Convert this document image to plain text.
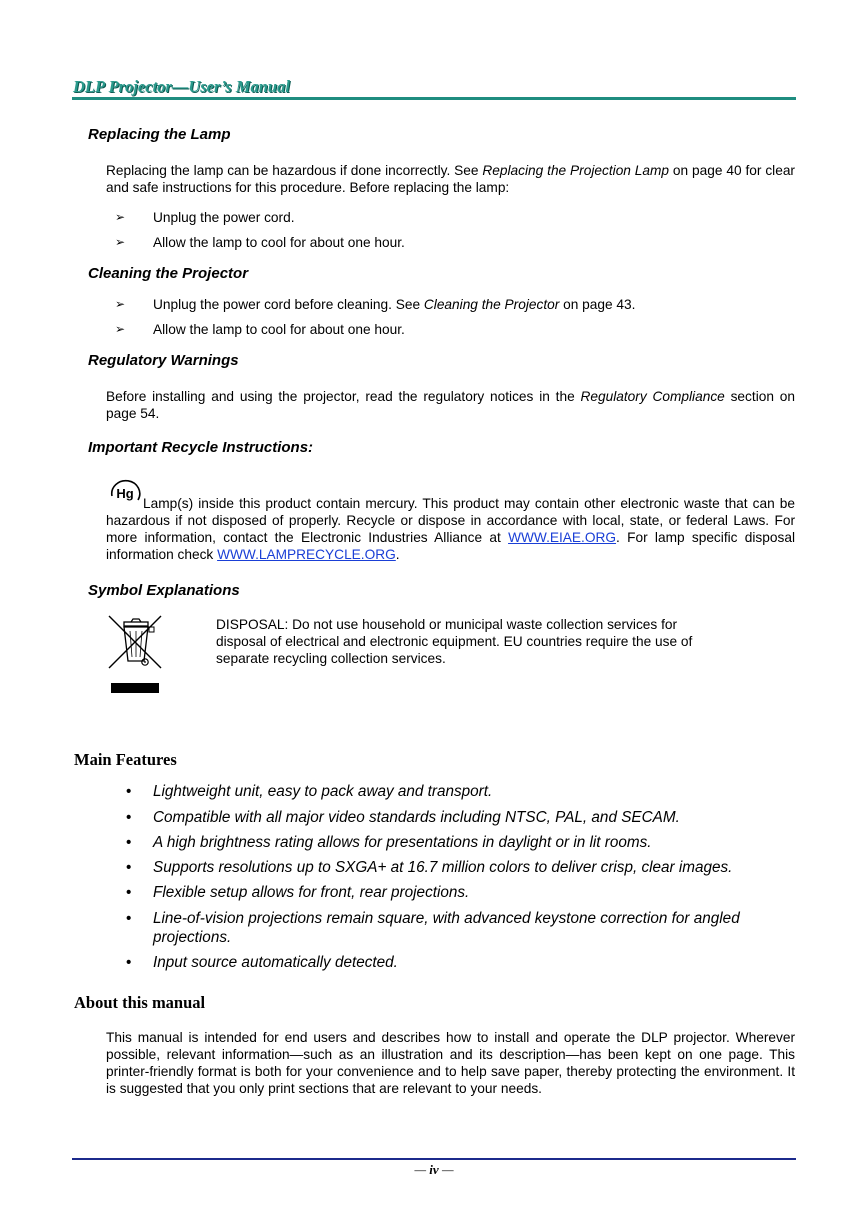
DLP Projector—User’s Manual
Replacing the Lamp
Replacing the lamp can be hazardous if done incorrectly. See Replacing the Projection Lamp on page 40 for clear and safe instructions for this procedure. Before replacing the lamp:
➢ Unplug the power cord.
➢ Allow the lamp to cool for about one hour.
Cleaning the Projector
➢ Unplug the power cord before cleaning. See Cleaning the Projector on page 43.
➢ Allow the lamp to cool for about one hour.
Regulatory Warnings
Before installing and using the projector, read the regulatory notices in the Regulatory Compliance section on page 54.
Important Recycle Instructions:
Hg
Lamp(s) inside this product contain mercury. This product may contain other electronic waste that can be hazardous if not disposed of properly. Recycle or dispose in accordance with local, state, or federal Laws. For more information, contact the Electronic Industries Alliance at WWW.EIAE.ORG. For lamp specific disposal information check WWW.LAMPRECYCLE.ORG.
Symbol Explanations
DISPOSAL: Do not use household or municipal waste collection services for disposal of electrical and electronic equipment. EU countries require the use of separate recycling collection services.
Main Features
• Lightweight unit, easy to pack away and transport.
• Compatible with all major video standards including NTSC, PAL, and SECAM.
• A high brightness rating allows for presentations in daylight or in lit rooms.
• Supports resolutions up to SXGA+ at 16.7 million colors to deliver crisp, clear images.
• Flexible setup allows for front, rear projections.
• Line-of-vision projections remain square, with advanced keystone correction for angled projections.
• Input source automatically detected.
About this manual
This manual is intended for end users and describes how to install and operate the DLP projector. Wherever possible, relevant information—such as an illustration and its description—has been kept on one page. This printer-friendly format is both for your convenience and to help save paper, thereby protecting the environment. It is suggested that you only print sections that are relevant to your needs.
— iv —
